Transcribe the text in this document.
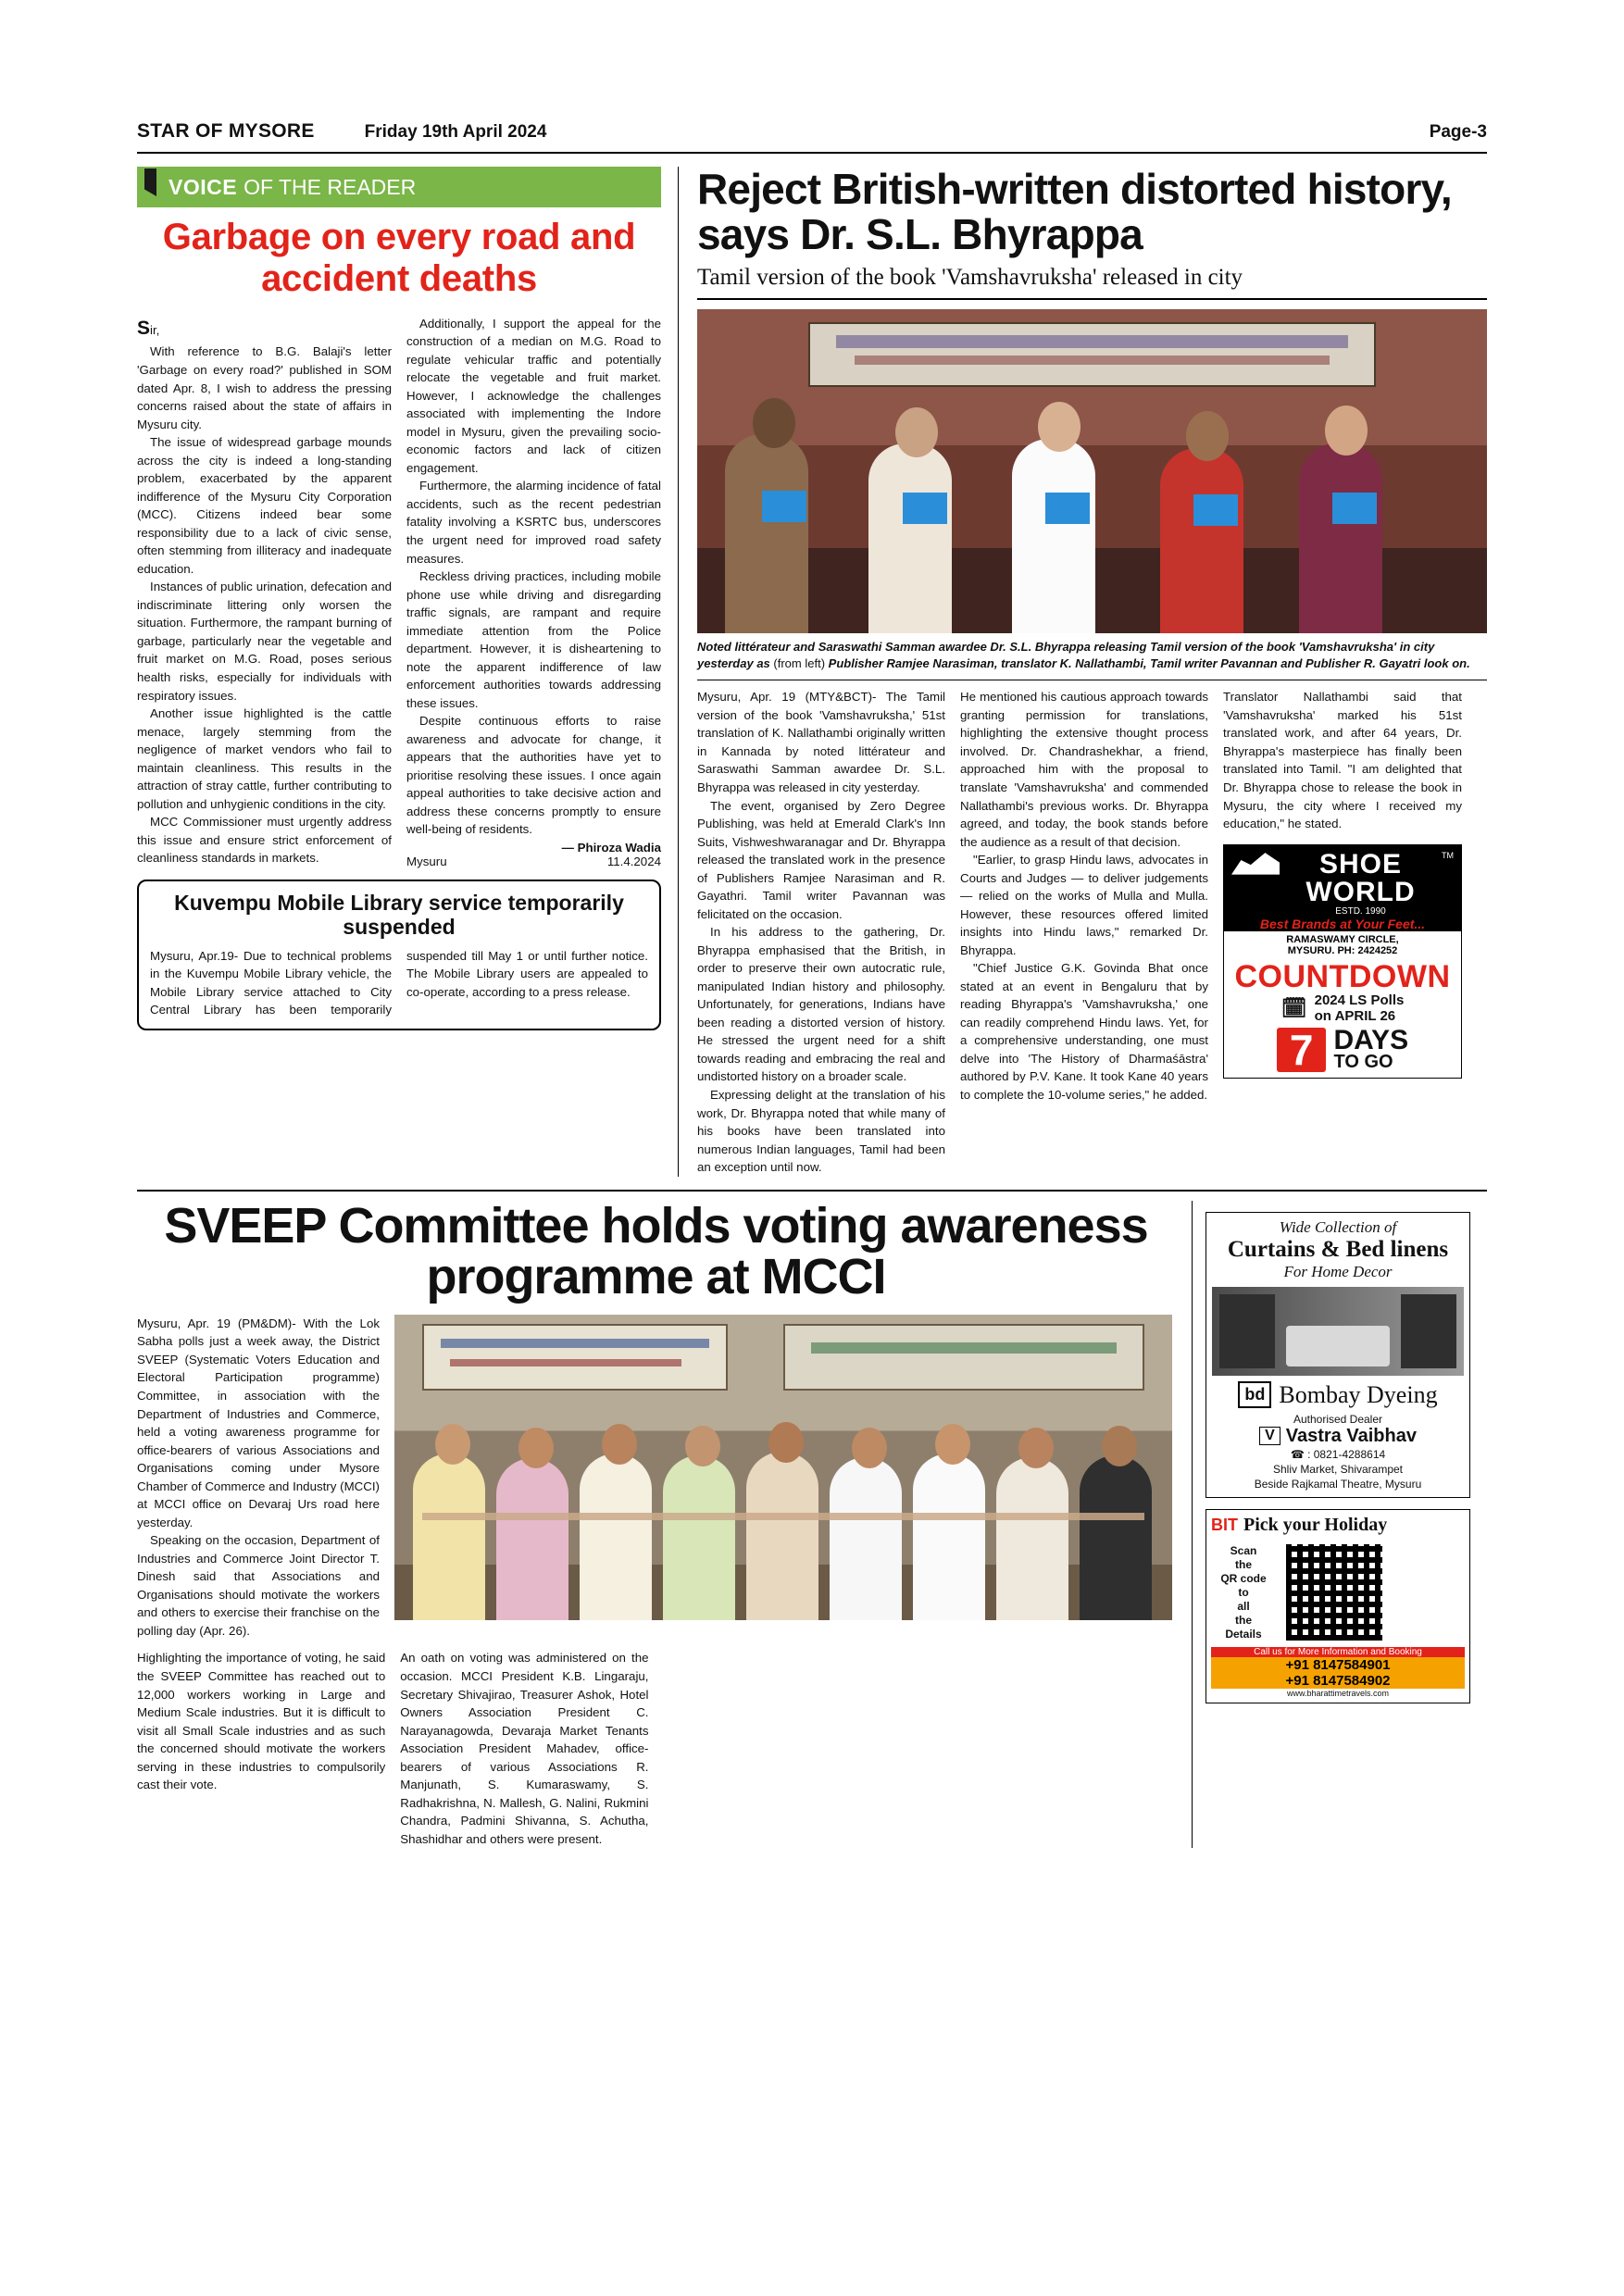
STAR OF MYSORE	Friday 19th April 2024	Page-3
VOICE OF THE READER
Garbage on every road and accident deaths

Sir,

With reference to B.G. Balaji's letter 'Garbage on every road?' published in SOM dated Apr. 8, I wish to address the pressing concerns raised about the state of affairs in Mysuru city.

The issue of widespread garbage mounds across the city is indeed a long-standing problem, exacerbated by the apparent indifference of the Mysuru City Corporation (MCC). Citizens indeed bear some responsibility due to a lack of civic sense, often stemming from illiteracy and inadequate education.

Instances of public urination, defecation and indiscriminate littering only worsen the situation. Furthermore, the rampant burning of garbage, particularly near the vegetable and fruit market on M.G. Road, poses serious health risks, especially for individuals with respiratory issues.

Another issue highlighted is the cattle menace, largely stemming from the negligence of market vendors who fail to maintain cleanliness. This results in the attraction of stray cattle, further contributing to pollution and unhygienic conditions in the city.

MCC Commissioner must urgently address this issue and ensure strict enforcement of cleanliness standards in markets.

Additionally, I support the appeal for the construction of a median on M.G. Road to regulate vehicular traffic and potentially relocate the vegetable and fruit market. However, I acknowledge the challenges associated with implementing the Indore model in Mysuru, given the prevailing socio-economic factors and lack of citizen engagement.

Furthermore, the alarming incidence of fatal accidents, such as the recent pedestrian fatality involving a KSRTC bus, underscores the urgent need for improved road safety measures.

Reckless driving practices, including mobile phone use while driving and disregarding traffic signals, are rampant and require immediate attention from the Police department. However, it is disheartening to note the apparent indifference of law enforcement authorities towards addressing these issues.

Despite continuous efforts to raise awareness and advocate for change, it appears that the authorities have yet to prioritise resolving these issues. I once again appeal authorities to take decisive action and address these concerns promptly to ensure well-being of residents.

— Phiroza Wadia
Mysuru	11.4.2024
Kuvempu Mobile Library service temporarily suspended

Mysuru, Apr.19- Due to technical problems in the Kuvempu Mobile Library vehicle, the Mobile Library service attached to City Central Library has been temporarily suspended till May 1 or until further notice. The Mobile Library users are appealed to co-operate, according to a press release.

Reject British-written distorted history, says Dr. S.L. Bhyrappa
Tamil version of the book 'Vamshavruksha' released in city
Noted littérateur and Saraswathi Samman awardee Dr. S.L. Bhyrappa releasing Tamil version of the book 'Vamshavruksha' in city yesterday as (from left) Publisher Ramjee Narasiman, translator K. Nallathambi, Tamil writer Pavannan and Publisher R. Gayatri look on.

Mysuru, Apr. 19 (MTY&BCT)- The Tamil version of the book 'Vamshavruksha,' 51st translation of K. Nallathambi originally written in Kannada by noted littérateur and Saraswathi Samman awardee Dr. S.L. Bhyrappa was released in city yesterday.

The event, organised by Zero Degree Publishing, was held at Emerald Clark's Inn Suits, Vishweshwaranagar and Dr. Bhyrappa released the translated work in the presence of Publishers Ramjee Narasiman and R. Gayathri. Tamil writer Pavannan was felicitated on the occasion.

In his address to the gathering, Dr. Bhyrappa emphasised that the British, in order to preserve their own autocratic rule, manipulated Indian history and philosophy. Unfortunately, for generations, Indians have been reading a distorted version of history. He stressed the urgent need for a shift towards reading and embracing the real and undistorted history on a broader scale.

Expressing delight at the translation of his work, Dr. Bhyrappa noted that while many of his books have been translated into numerous Indian languages, Tamil had been an exception until now.

He mentioned his cautious approach towards granting permission for translations, highlighting the extensive thought process involved. Dr. Chandrashekhar, a friend, approached him with the proposal to translate 'Vamshavruksha' and commended Nallathambi's previous works. Dr. Bhyrappa agreed, and today, the book stands before the audience as a result of that decision.

"Earlier, to grasp Hindu laws, advocates in Courts and Judges — to deliver judgements — relied on the works of Mulla and Mulla. However, these resources offered limited insights into Hindu laws," remarked Dr. Bhyrappa.

"Chief Justice G.K. Govinda Bhat once stated at an event in Bengaluru that by reading Bhyrappa's 'Vamshavruksha,' one can readily comprehend Hindu laws. Yet, for a comprehensive understanding, one must delve into 'The History of Dharmaśāstra' authored by P.V. Kane. It took Kane 40 years to complete the 10-volume series," he added.

Translator Nallathambi said that 'Vamshavruksha' marked his 51st translated work, and after 64 years, Dr. Bhyrappa's masterpiece has finally been translated into Tamil. "I am delighted that Dr. Bhyrappa chose to release the book in Mysuru, the city where I received my education," he stated.

SHOE WORLD
ESTD. 1990
TM
Best Brands at Your Feet...
RAMASWAMY CIRCLE,
MYSURU. PH: 2424252
COUNTDOWN
🗓 2024 LS Polls
on APRIL 26
7 DAYS
TO GO
SVEEP Committee holds voting awareness programme at MCCI

Mysuru, Apr. 19 (PM&DM)- With the Lok Sabha polls just a week away, the District SVEEP (Systematic Voters Education and Electoral Participation programme) Committee, in association with the Department of Industries and Commerce, held a voting awareness programme for office-bearers of various Associations and Organisations coming under Mysore Chamber of Commerce and Industry (MCCI) at MCCI office on Devaraj Urs road here yesterday.

Speaking on the occasion, Department of Industries and Commerce Joint Director T. Dinesh said that Associations and Organisations should motivate the workers and others to exercise their franchise on the polling day (Apr. 26).

Highlighting the importance of voting, he said the SVEEP Committee has reached out to 12,000 workers working in Large and Medium Scale industries. But it is difficult to visit all Small Scale industries and as such the concerned should motivate the workers serving in these industries to compulsorily cast their vote.

An oath on voting was administered on the occasion. MCCI President K.B. Lingaraju, Secretary Shivajirao, Treasurer Ashok, Hotel Owners Association President C. Narayanagowda, Devaraja Market Tenants Association President Mahadev, office-bearers of various Associations R. Manjunath, S. Kumaraswamy, S. Radhakrishna, N. Mallesh, G. Nalini, Rukmini Chandra, Padmini Shivanna, S. Achutha, Shashidhar and others were present.

Wide Collection of
Curtains & Bed linens
For Home Decor
bd Bombay Dyeing
Authorised Dealer
V Vastra Vaibhav
☎ : 0821-4288614
Shliv Market, Shivarampet
Beside Rajkamal Theatre, Mysuru
BIT Pick your Holiday
Scan
the
QR code
to
all
the
Details
Call us for More Information and Booking
+91 8147584901
+91 8147584902
www.bharattimetravels.com
